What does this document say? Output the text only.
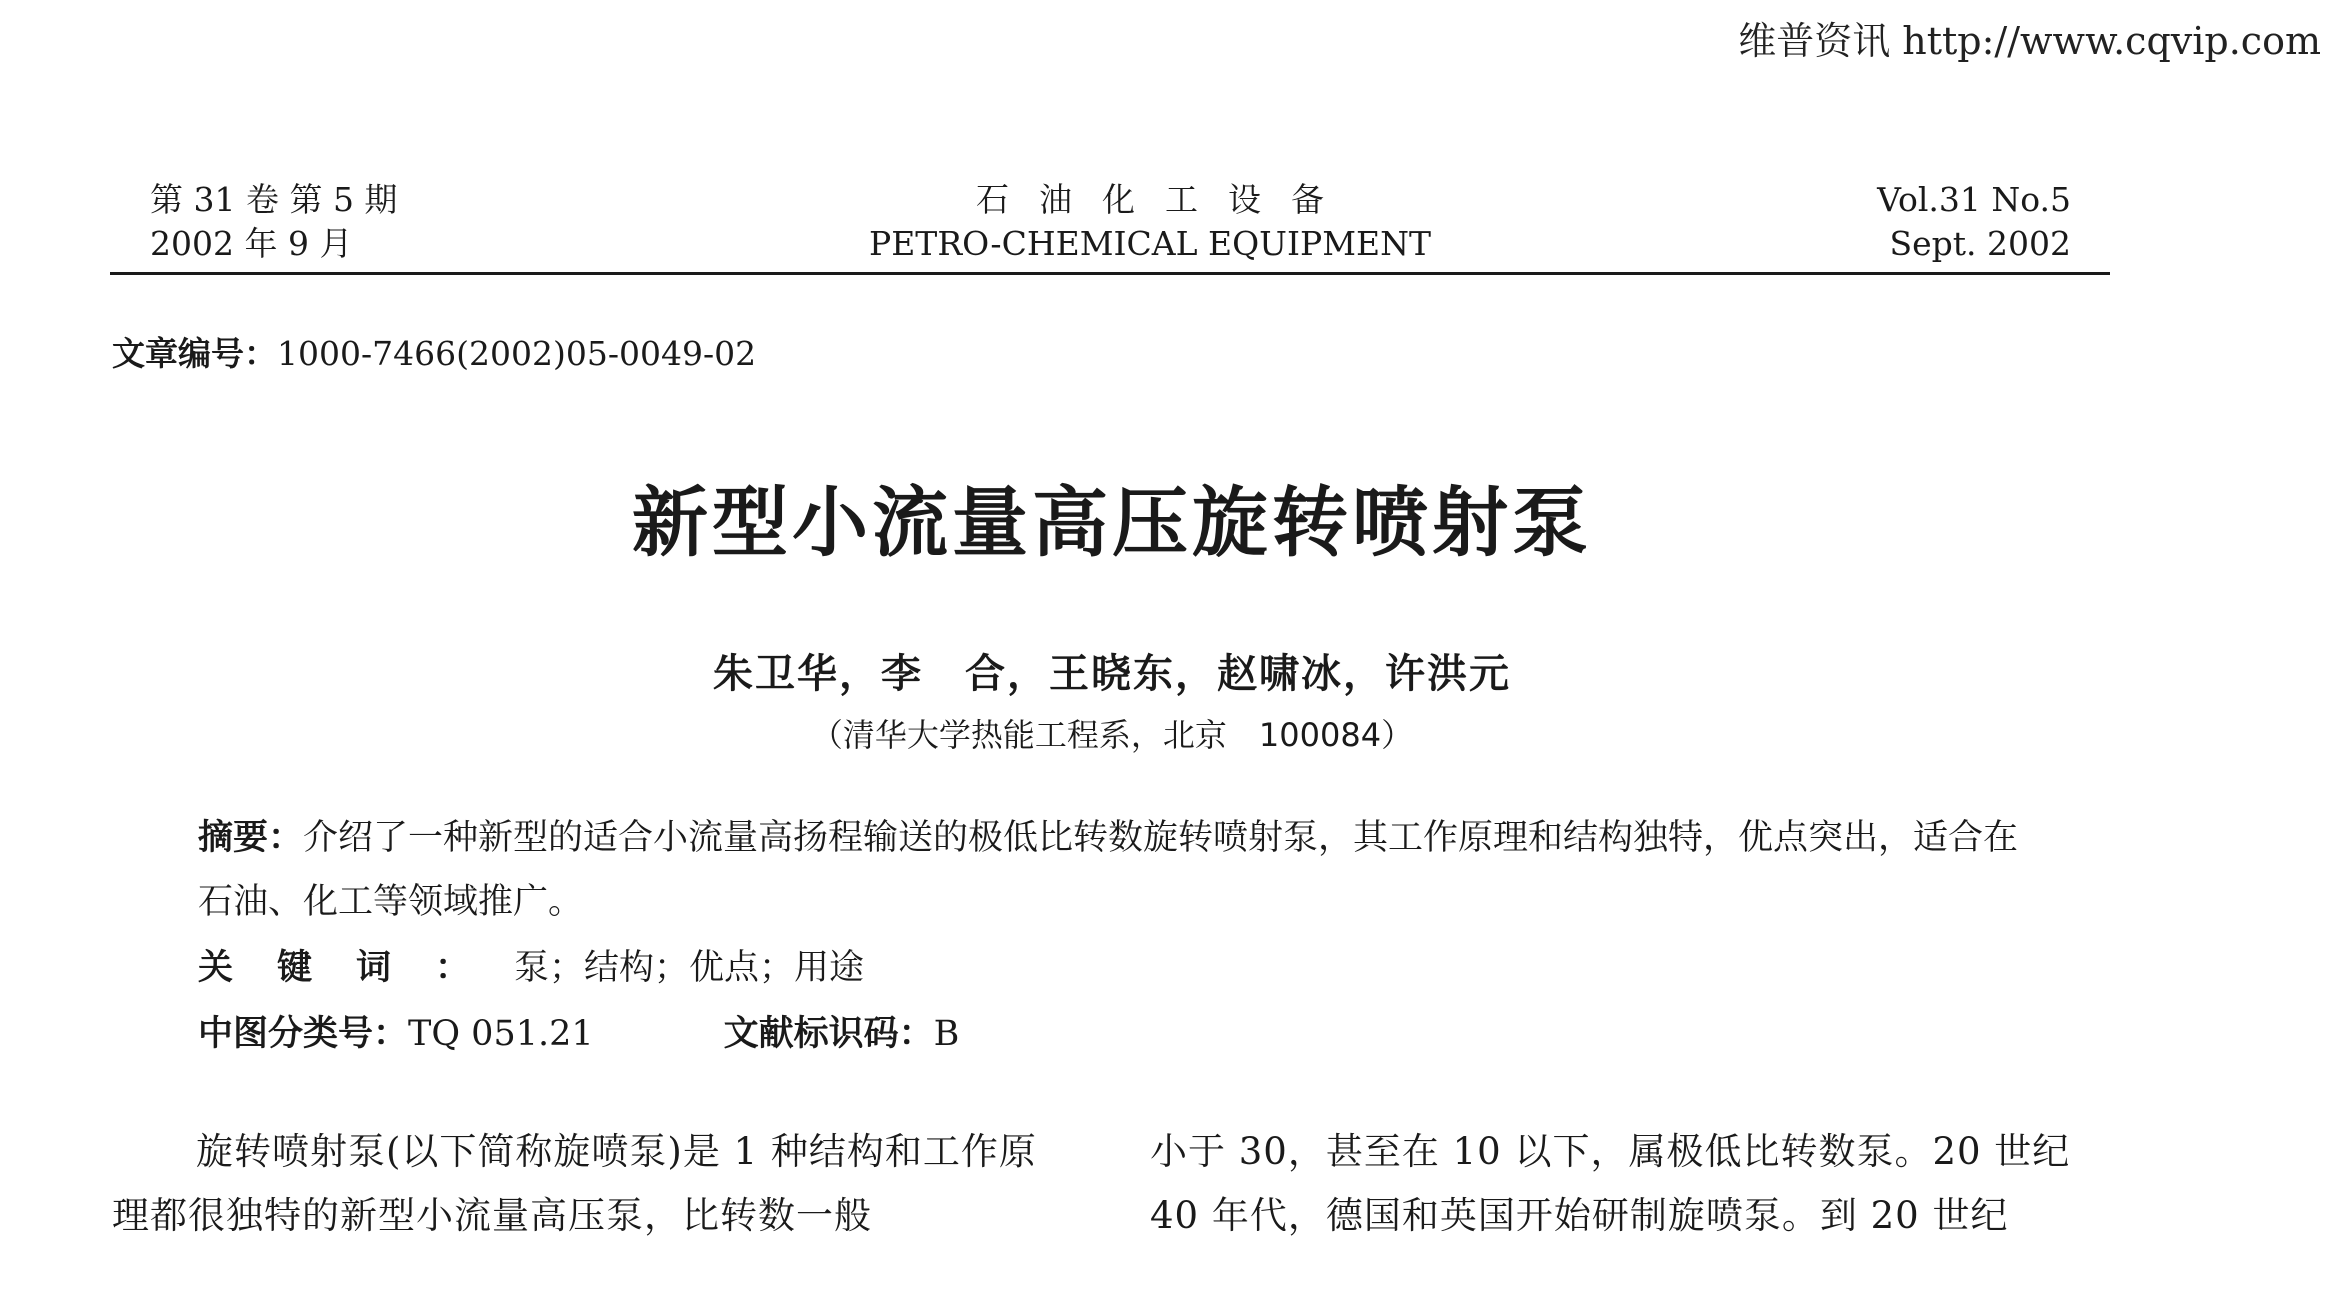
维普资讯 http://www.cqvip.com
第 31 卷 第 5 期
2002 年 9 月
石油化工设备
PETRO-CHEMICAL EQUIPMENT
Vol.31 No.5
Sept. 2002
文章编号：1000-7466(2002)05-0049-02
新型小流量高压旋转喷射泵
朱卫华，李　合，王晓东，赵啸冰，许洪元
（清华大学热能工程系，北京　100084）
摘要：介绍了一种新型的适合小流量高扬程输送的极低比转数旋转喷射泵，其工作原理和结构独特，优点突出，适合在石油、化工等领域推广。
关键词：泵；结构；优点；用途
中图分类号：TQ 051.21	文献标识码：B
旋转喷射泵(以下简称旋喷泵)是 1 种结构和工作原理都很独特的新型小流量高压泵，比转数一般
小于 30，甚至在 10 以下，属极低比转数泵。20 世纪 40 年代，德国和英国开始研制旋喷泵。到 20 世纪
